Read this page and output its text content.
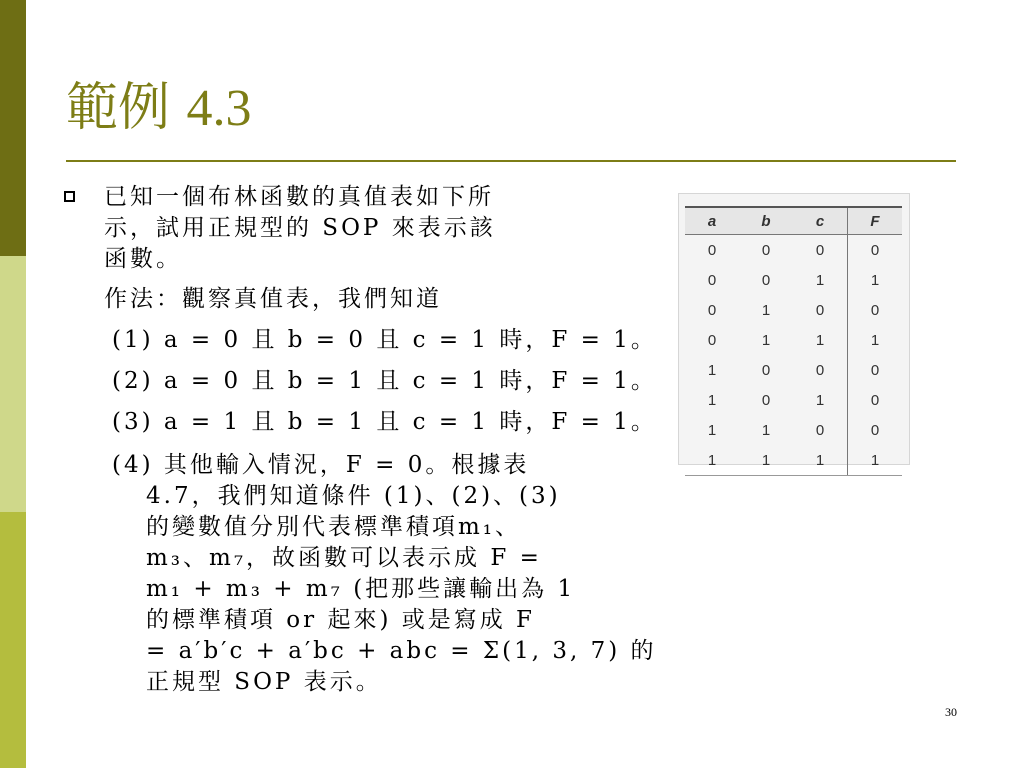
範例 4.3
已知一個布林函數的真值表如下所
示，試用正規型的 SOP 來表示該
函數。
作法：觀察真值表，我們知道
(1) a = 0 且 b = 0 且 c = 1 時，F = 1。
(2) a = 0 且 b = 1 且 c = 1 時，F = 1。
(3) a = 1 且 b = 1 且 c = 1 時，F = 1。
(4) 其他輸入情況，F = 0。根據表
4.7，我們知道條件 (1)、(2)、(3)
的變數值分別代表標準積項m₁、
m₃、m₇，故函數可以表示成 F =
m₁ + m₃ + m₇ (把那些讓輸出為 1
的標準積項 or 起來) 或是寫成 F
= a′b′c + a′bc + abc = Σ(1, 3, 7) 的
正規型 SOP 表示。
a	b	c	F
0	0	0	0
0	0	1	1
0	1	0	0
0	1	1	1
1	0	0	0
1	0	1	0
1	1	0	0
1	1	1	1
30
